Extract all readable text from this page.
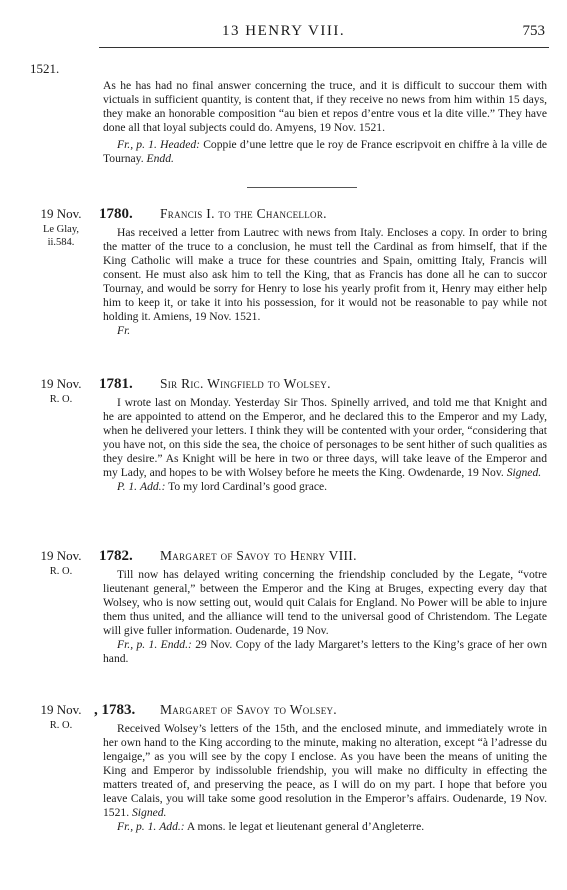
13 HENRY VIII.	753
1521.
As he has had no final answer concerning the truce, and it is difficult to succour them with victuals in sufficient quantity, is content that, if they receive no news from him within 15 days, they make an honorable composition “au bien et repos d’entre vous et la dite ville.” They have done all that loyal subjects could do. Amyens, 19 Nov. 1521.
Fr., p. 1. Headed: Coppie d’une lettre que le roy de France escripvoit en chiffre à la ville de Tournay. Endd.
19 Nov.
Le Glay,
ii.584.
1780. Francis I. to the Chancellor.

Has received a letter from Lautrec with news from Italy. Encloses a copy. In order to bring the matter of the truce to a conclusion, he must tell the Cardinal as from himself, that if the King Catholic will make a truce for these countries and Spain, omitting Italy, Francis will consent. He must also ask him to tell the King, that as Francis has done all he can to succor Tournay, and would be sorry for Henry to lose his yearly profit from it, Henry may either help him to keep it, or take it into his possession, for it would not be reasonable to pay while not holding it. Amiens, 19 Nov. 1521.

Fr.

19 Nov.
R. O.
1781. Sir Ric. Wingfield to Wolsey.

I wrote last on Monday. Yesterday Sir Thos. Spinelly arrived, and told me that Knight and he are appointed to attend on the Emperor, and he declared this to the Emperor and my Lady, when he delivered your letters. I think they will be contented with your order, “considering that you have not, on this side the sea, the choice of personages to be sent hither of such qualities as they desire.” As Knight will be here in two or three days, will take leave of the Emperor and my Lady, and hopes to be with Wolsey before he meets the King. Owdenarde, 19 Nov. Signed.

P. 1. Add.: To my lord Cardinal’s good grace.

19 Nov.
R. O.
1782. Margaret of Savoy to Henry VIII.

Till now has delayed writing concerning the friendship concluded by the Legate, “votre lieutenant general,” between the Emperor and the King at Bruges, expecting every day that Wolsey, who is now setting out, would quit Calais for England. No Power will be able to injure them thus united, and the alliance will tend to the universal good of Christendom. The Legate will give fuller information. Oudenarde, 19 Nov.

Fr., p. 1. Endd.: 29 Nov. Copy of the lady Margaret’s letters to the King’s grace of her own hand.

19 Nov.
R. O.
, 1783. Margaret of Savoy to Wolsey.

Received Wolsey’s letters of the 15th, and the enclosed minute, and immediately wrote in her own hand to the King according to the minute, making no alteration, except “à l’adresse du lengaige,” as you will see by the copy I enclose. As you have been the means of uniting the King and Emperor by indissoluble friendship, you will make no difficulty in effecting the matters treated of, and preserving the peace, as I will do on my part. I hope that before you leave Calais, you will take some good resolution in the Emperor’s affairs. Oudenarde, 19 Nov. 1521. Signed.

Fr., p. 1. Add.: A mons. le legat et lieutenant general d’Angleterre.
